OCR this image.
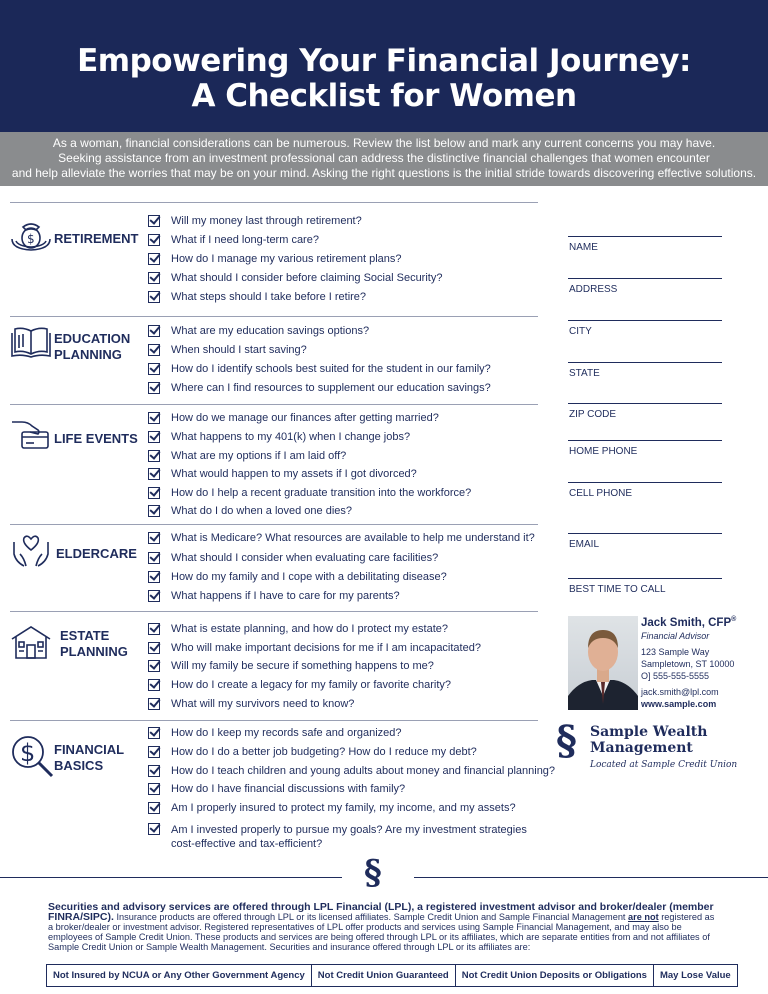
Empowering Your Financial Journey:
A Checklist for Women
As a woman, financial considerations can be numerous. Review the list below and mark any current concerns you may have.
Seeking assistance from an investment professional can address the distinctive financial challenges that women encounter
and help alleviate the worries that may be on your mind. Asking the right questions is the initial stride towards discovering effective solutions.
$ RETIREMENT
Will my money last through retirement?
What if I need long-term care?
How do I manage my various retirement plans?
What should I consider before claiming Social Security?
What steps should I take before I retire?
EDUCATION
PLANNING
What are my education savings options?
When should I start saving?
How do I identify schools best suited for the student in our family?
Where can I find resources to supplement our education savings?
LIFE EVENTS
How do we manage our finances after getting married?
What happens to my 401(k) when I change jobs?
What are my options if I am laid off?
What would happen to my assets if I got divorced?
How do I help a recent graduate transition into the workforce?
What do I do when a loved one dies?
ELDERCARE
What is Medicare? What resources are available to help me understand it?
What should I consider when evaluating care facilities?
How do my family and I cope with a debilitating disease?
What happens if I have to care for my parents?
ESTATE
PLANNING
What is estate planning, and how do I protect my estate?
Who will make important decisions for me if I am incapacitated?
Will my family be secure if something happens to me?
How do I create a legacy for my family or favorite charity?
What will my survivors need to know?
$ FINANCIAL
BASICS
How do I keep my records safe and organized?
How do I do a better job budgeting? How do I reduce my debt?
How do I teach children and young adults about money and financial planning?
How do I have financial discussions with family?
Am I properly insured to protect my family, my income, and my assets?
Am I invested properly to pursue my goals? Are my investment strategies
cost-effective and tax-efficient?
NAME
ADDRESS
CITY
STATE
ZIP CODE
HOME PHONE
CELL PHONE
EMAIL
BEST TIME TO CALL
Jack Smith, CFP®
Financial Advisor
123 Sample Way
Sampletown, ST 10000
O] 555-555-5555
jack.smith@lpl.com
www.sample.com
§ Sample Wealth
Management
Located at Sample Credit Union
§
Securities and advisory services are offered through LPL Financial (LPL), a registered investment advisor and broker/dealer (member FINRA/SIPC). Insurance products are offered through LPL or its licensed affiliates. Sample Credit Union and Sample Financial Management are not registered as a broker/dealer or investment advisor. Registered representatives of LPL offer products and services using Sample Financial Management, and may also be employees of Sample Credit Union. These products and services are being offered through LPL or its affiliates, which are separate entities from and not affiliates of Sample Credit Union or Sample Wealth Management. Securities and insurance offered through LPL or its affiliates are:
Not Insured by NCUA or Any Other Government Agency	Not Credit Union Guaranteed	Not Credit Union Deposits or Obligations	May Lose Value
